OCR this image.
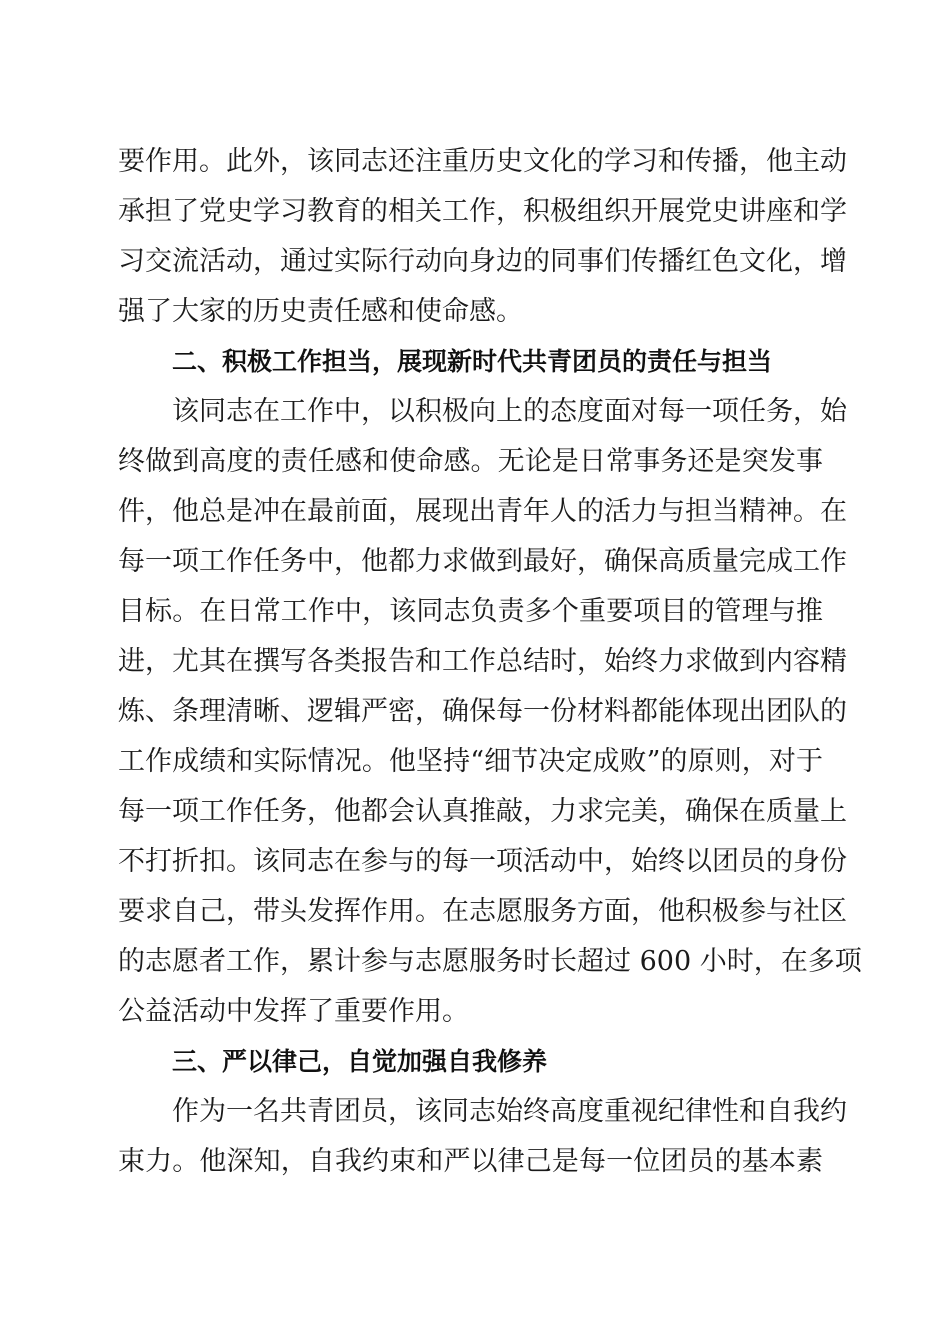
要作用。此外，该同志还注重历史文化的学习和传播，他主动
承担了党史学习教育的相关工作，积极组织开展党史讲座和学
习交流活动，通过实际行动向身边的同事们传播红色文化，增
强了大家的历史责任感和使命感。
二、积极工作担当，展现新时代共青团员的责任与担当
该同志在工作中，以积极向上的态度面对每一项任务，始
终做到高度的责任感和使命感。无论是日常事务还是突发事
件，他总是冲在最前面，展现出青年人的活力与担当精神。在
每一项工作任务中，他都力求做到最好，确保高质量完成工作
目标。在日常工作中，该同志负责多个重要项目的管理与推
进，尤其在撰写各类报告和工作总结时，始终力求做到内容精
炼、条理清晰、逻辑严密，确保每一份材料都能体现出团队的
工作成绩和实际情况。他坚持“细节决定成败”的原则，对于
每一项工作任务，他都会认真推敲，力求完美，确保在质量上
不打折扣。该同志在参与的每一项活动中，始终以团员的身份
要求自己，带头发挥作用。在志愿服务方面，他积极参与社区
的志愿者工作，累计参与志愿服务时长超过 600 小时，在多项
公益活动中发挥了重要作用。
三、严以律己，自觉加强自我修养
作为一名共青团员，该同志始终高度重视纪律性和自我约
束力。他深知，自我约束和严以律己是每一位团员的基本素
